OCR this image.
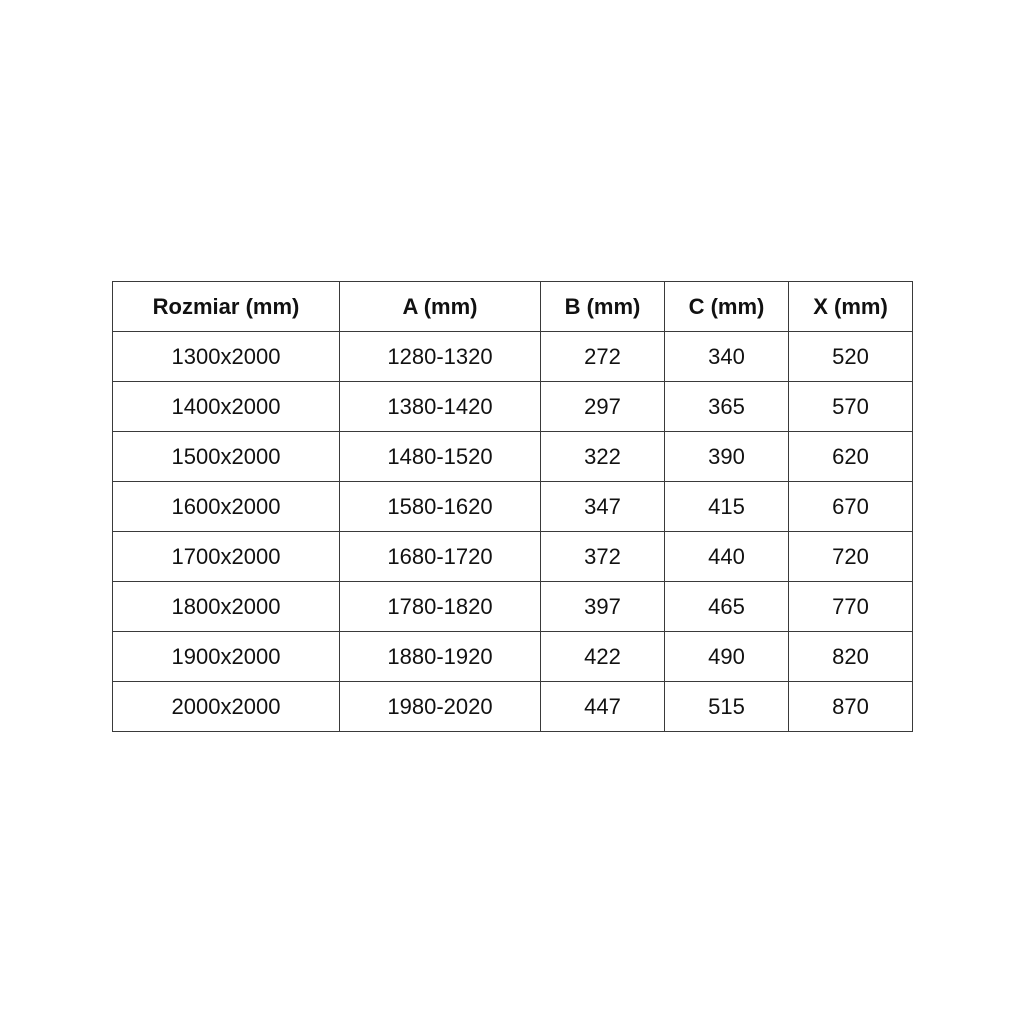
Rozmiar (mm)	A (mm)	B (mm)	C (mm)	X (mm)
1300x2000	1280-1320	272	340	520
1400x2000	1380-1420	297	365	570
1500x2000	1480-1520	322	390	620
1600x2000	1580-1620	347	415	670
1700x2000	1680-1720	372	440	720
1800x2000	1780-1820	397	465	770
1900x2000	1880-1920	422	490	820
2000x2000	1980-2020	447	515	870
